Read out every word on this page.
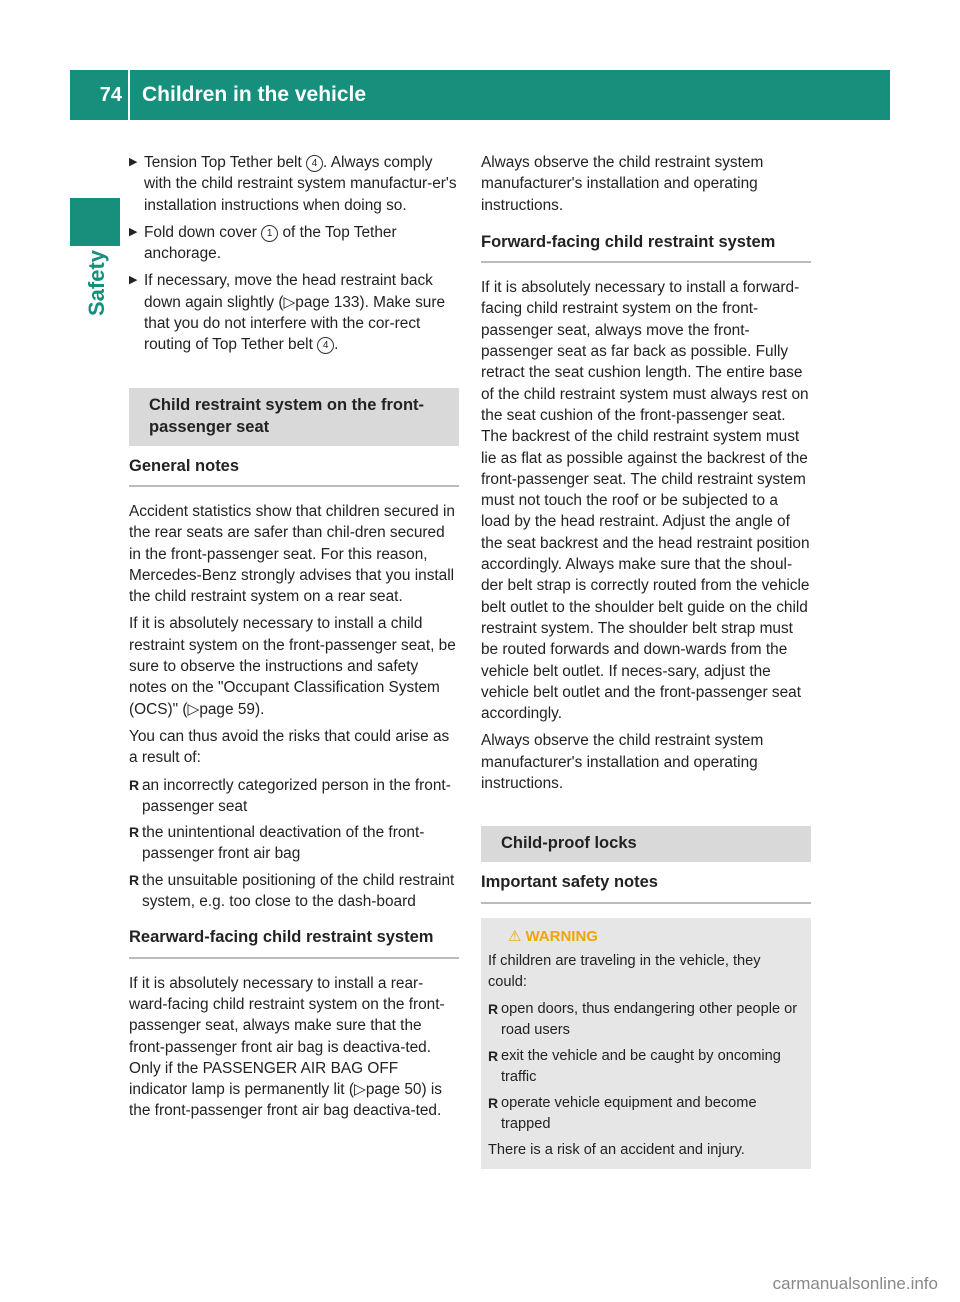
74 Children in the vehicle
Safety
▶ Tension Top Tether belt 4 . Always comply with the child restraint system manufactur-er's installation instructions when doing so.
▶ Fold down cover 1 of the Top Tether anchorage.
▶ If necessary, move the head restraint back down again slightly (▷page 133). Make sure that you do not interfere with the cor-rect routing of Top Tether belt 4 .
Child restraint system on the front-passenger seat
General notes

Accident statistics show that children secured in the rear seats are safer than chil-dren secured in the front-passenger seat. For this reason, Mercedes-Benz strongly advises that you install the child restraint system on a rear seat.

If it is absolutely necessary to install a child restraint system on the front-passenger seat, be sure to observe the instructions and safety notes on the "Occupant Classification System (OCS)" (▷page 59).

You can thus avoid the risks that could arise as a result of:

R an incorrectly categorized person in the front-passenger seat
R the unintentional deactivation of the front-passenger front air bag
R the unsuitable positioning of the child restraint system, e.g. too close to the dash-board
Rearward-facing child restraint system

If it is absolutely necessary to install a rear-ward-facing child restraint system on the front-passenger seat, always make sure that the front-passenger front air bag is deactiva-ted. Only if the PASSENGER AIR BAG OFF indicator lamp is permanently lit (▷page 50) is the front-passenger front air bag deactiva-ted.

Always observe the child restraint system manufacturer's installation and operating instructions.

Forward-facing child restraint system

If it is absolutely necessary to install a forward-facing child restraint system on the front-passenger seat, always move the front-passenger seat as far back as possible. Fully retract the seat cushion length. The entire base of the child restraint system must always rest on the seat cushion of the front-passenger seat. The backrest of the child restraint system must lie as flat as possible against the backrest of the front-passenger seat. The child restraint system must not touch the roof or be subjected to a load by the head restraint. Adjust the angle of the seat backrest and the head restraint position accordingly. Always make sure that the shoul-der belt strap is correctly routed from the vehicle belt outlet to the shoulder belt guide on the child restraint system. The shoulder belt strap must be routed forwards and down-wards from the vehicle belt outlet. If neces-sary, adjust the vehicle belt outlet and the front-passenger seat accordingly.

Always observe the child restraint system manufacturer's installation and operating instructions.

Child-proof locks
Important safety notes
⚠ WARNING

If children are traveling in the vehicle, they could:

R open doors, thus endangering other people or road users
R exit the vehicle and be caught by oncoming traffic
R operate vehicle equipment and become trapped

There is a risk of an accident and injury.

carmanualsonline.info
